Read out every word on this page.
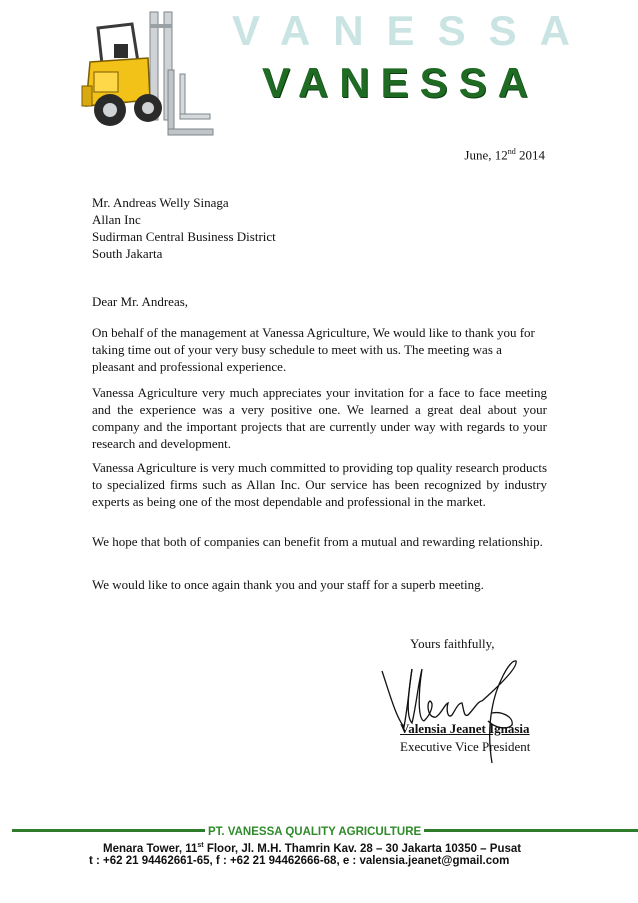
VANESSA
VANESSA
June, 12nd 2014
Mr. Andreas Welly Sinaga
Allan Inc
Sudirman Central Business District
South Jakarta
Dear Mr. Andreas,
On behalf of the management at Vanessa Agriculture, We would like to thank you for taking time out of your very busy schedule to meet with us. The meeting was a pleasant and professional experience.
Vanessa Agriculture very much appreciates your invitation for a face to face meeting and the experience was a very positive one. We learned a great deal about your company and the important projects that are currently under way with regards to your research and development.
Vanessa Agriculture is very much committed to providing top quality research products to specialized firms such as Allan Inc. Our service has been recognized by industry experts as being one of the most dependable and professional in the market.
We hope that both of companies can benefit from a mutual and rewarding relationship.
We would like to once again thank you and your staff for a superb meeting.
Yours faithfully,
Valensia Jeanet Ignasia
Executive Vice President
PT. VANESSA QUALITY AGRICULTURE
Menara Tower, 11st Floor, Jl. M.H. Thamrin Kav. 28 – 30 Jakarta 10350 – Pusat
t : +62 21 94462661-65, f : +62 21 94462666-68, e : valensia.jeanet@gmail.com
